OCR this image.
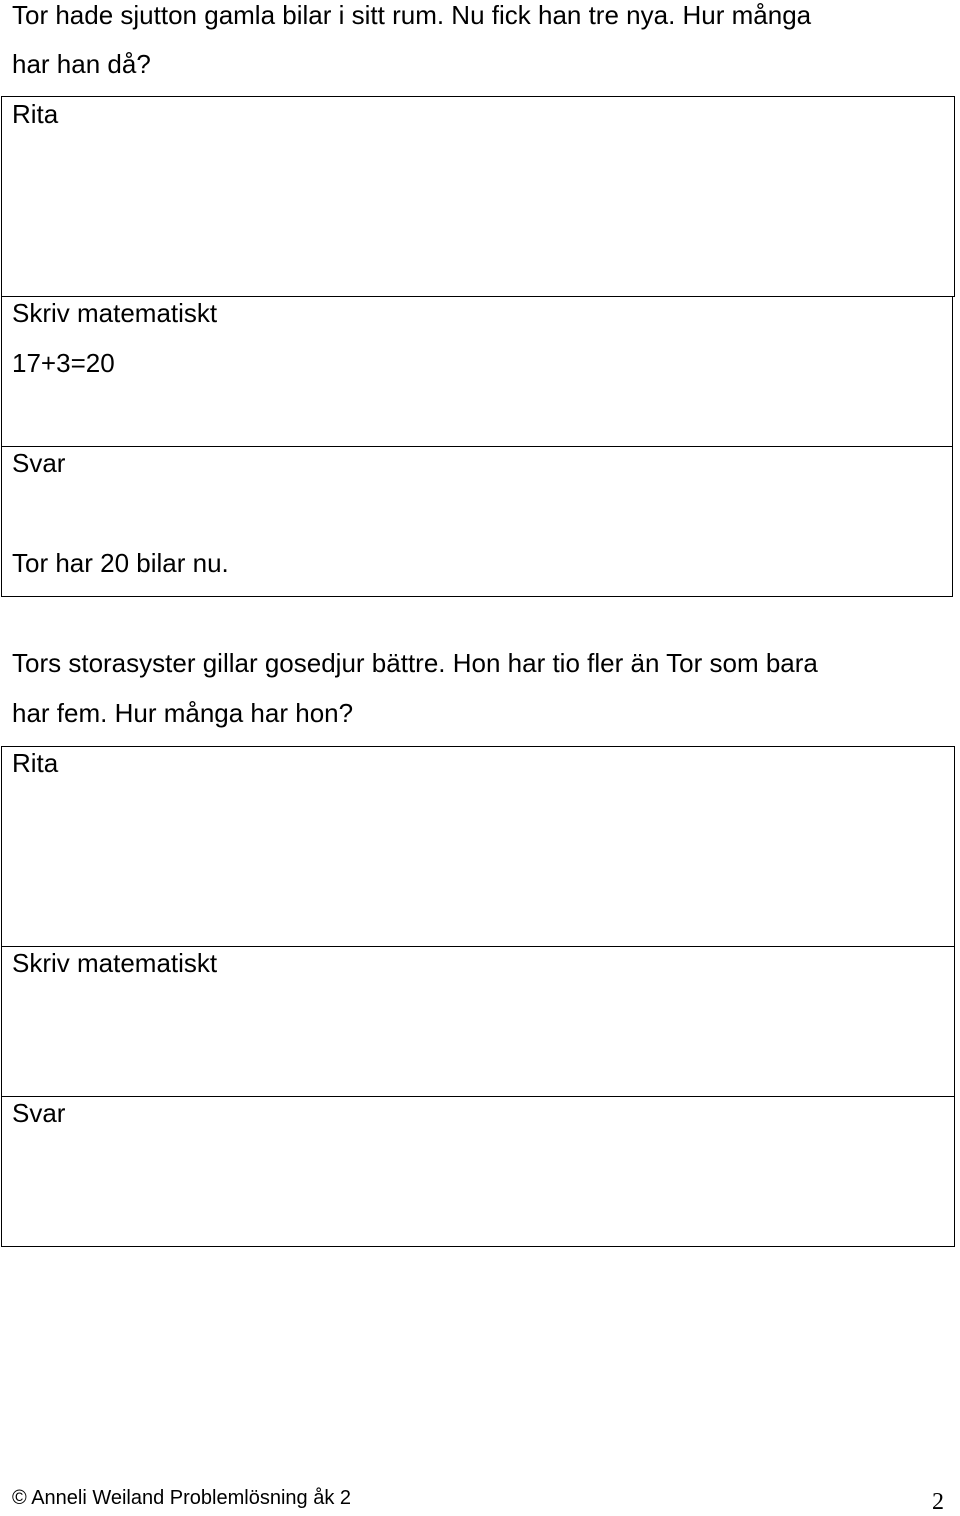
Tor hade sjutton gamla bilar i sitt rum. Nu fick han tre nya. Hur många
har han då?
Rita
Skriv matematiskt
17+3=20
Svar
Tor har 20 bilar nu.
Tors storasyster gillar gosedjur bättre. Hon har tio fler än Tor som bara
har fem. Hur många har hon?
Rita
Skriv matematiskt
Svar
© Anneli Weiland Problemlösning åk 2	2
